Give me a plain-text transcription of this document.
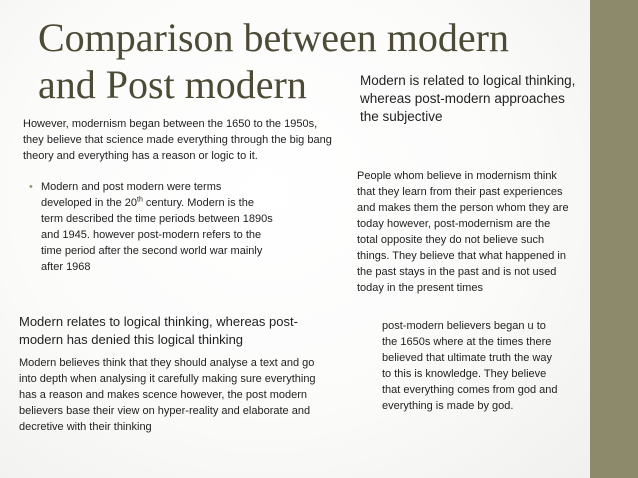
Comparison between modern
and Post modern	Modern is related to logical thinking, whereas post-modern approaches the subjective

However, modernism began between the 1650 to the 1950s, they believe that science made everything through the big bang theory and everything has a reason or logic to it.

• Modern and post modern were terms developed in the 20th century. Modern is the term described the time periods between 1890s and 1945. however post-modern refers to the time period after the second world war mainly after 1968

People whom believe in modernism think that they learn from their past experiences and makes them the person whom they are today however, post-modernism are the total opposite they do not believe such things. They believe that what happened in the past stays in the past and is not used today in the present times

Modern relates to logical thinking, whereas post-modern has denied this logical thinking

Modern believes think that they should analyse a text and go into depth when analysing it carefully making sure everything has a reason and makes scence however, the post modern believers base their view on hyper-reality and elaborate and decretive with their thinking

post-modern believers began u to the 1650s where at the times there believed that ultimate truth the way to this is knowledge. They believe that everything comes from god and everything is made by god.
